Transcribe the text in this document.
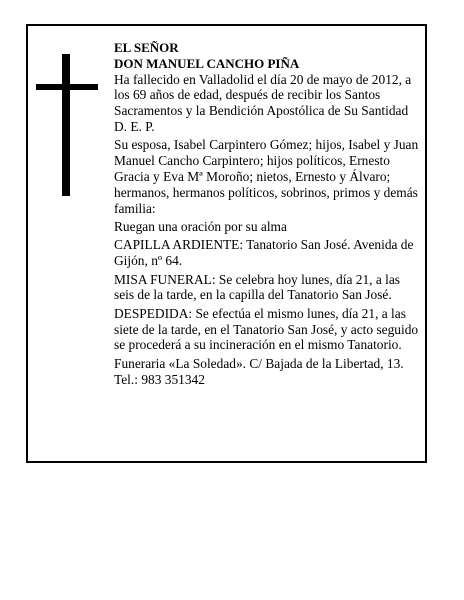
EL SEÑOR
DON MANUEL CANCHO PIÑA

Ha fallecido en Valladolid el día 20 de mayo de 2012, a los 69 años de edad, después de recibir los Santos Sacramentos y la Bendición Apostólica de Su Santidad D. E. P.

Su esposa, Isabel Carpintero Gómez; hijos, Isabel y Juan Manuel Cancho Carpintero; hijos políticos, Ernesto Gracia y Eva Mª Moroño; nietos, Ernesto y Álvaro; hermanos, hermanos políticos, sobrinos, primos y demás familia:

Ruegan una oración por su alma

CAPILLA ARDIENTE: Tanatorio San José. Avenida de Gijón, nº 64.

MISA FUNERAL: Se celebra hoy lunes, día 21, a las seis de la tarde, en la capilla del Tanatorio San José.

DESPEDIDA: Se efectúa el mismo lunes, día 21, a las siete de la tarde, en el Tanatorio San José, y acto seguido se procederá a su incineración en el mismo Tanatorio.

Funeraria «La Soledad». C/ Bajada de la Libertad, 13. Tel.: 983 351342
